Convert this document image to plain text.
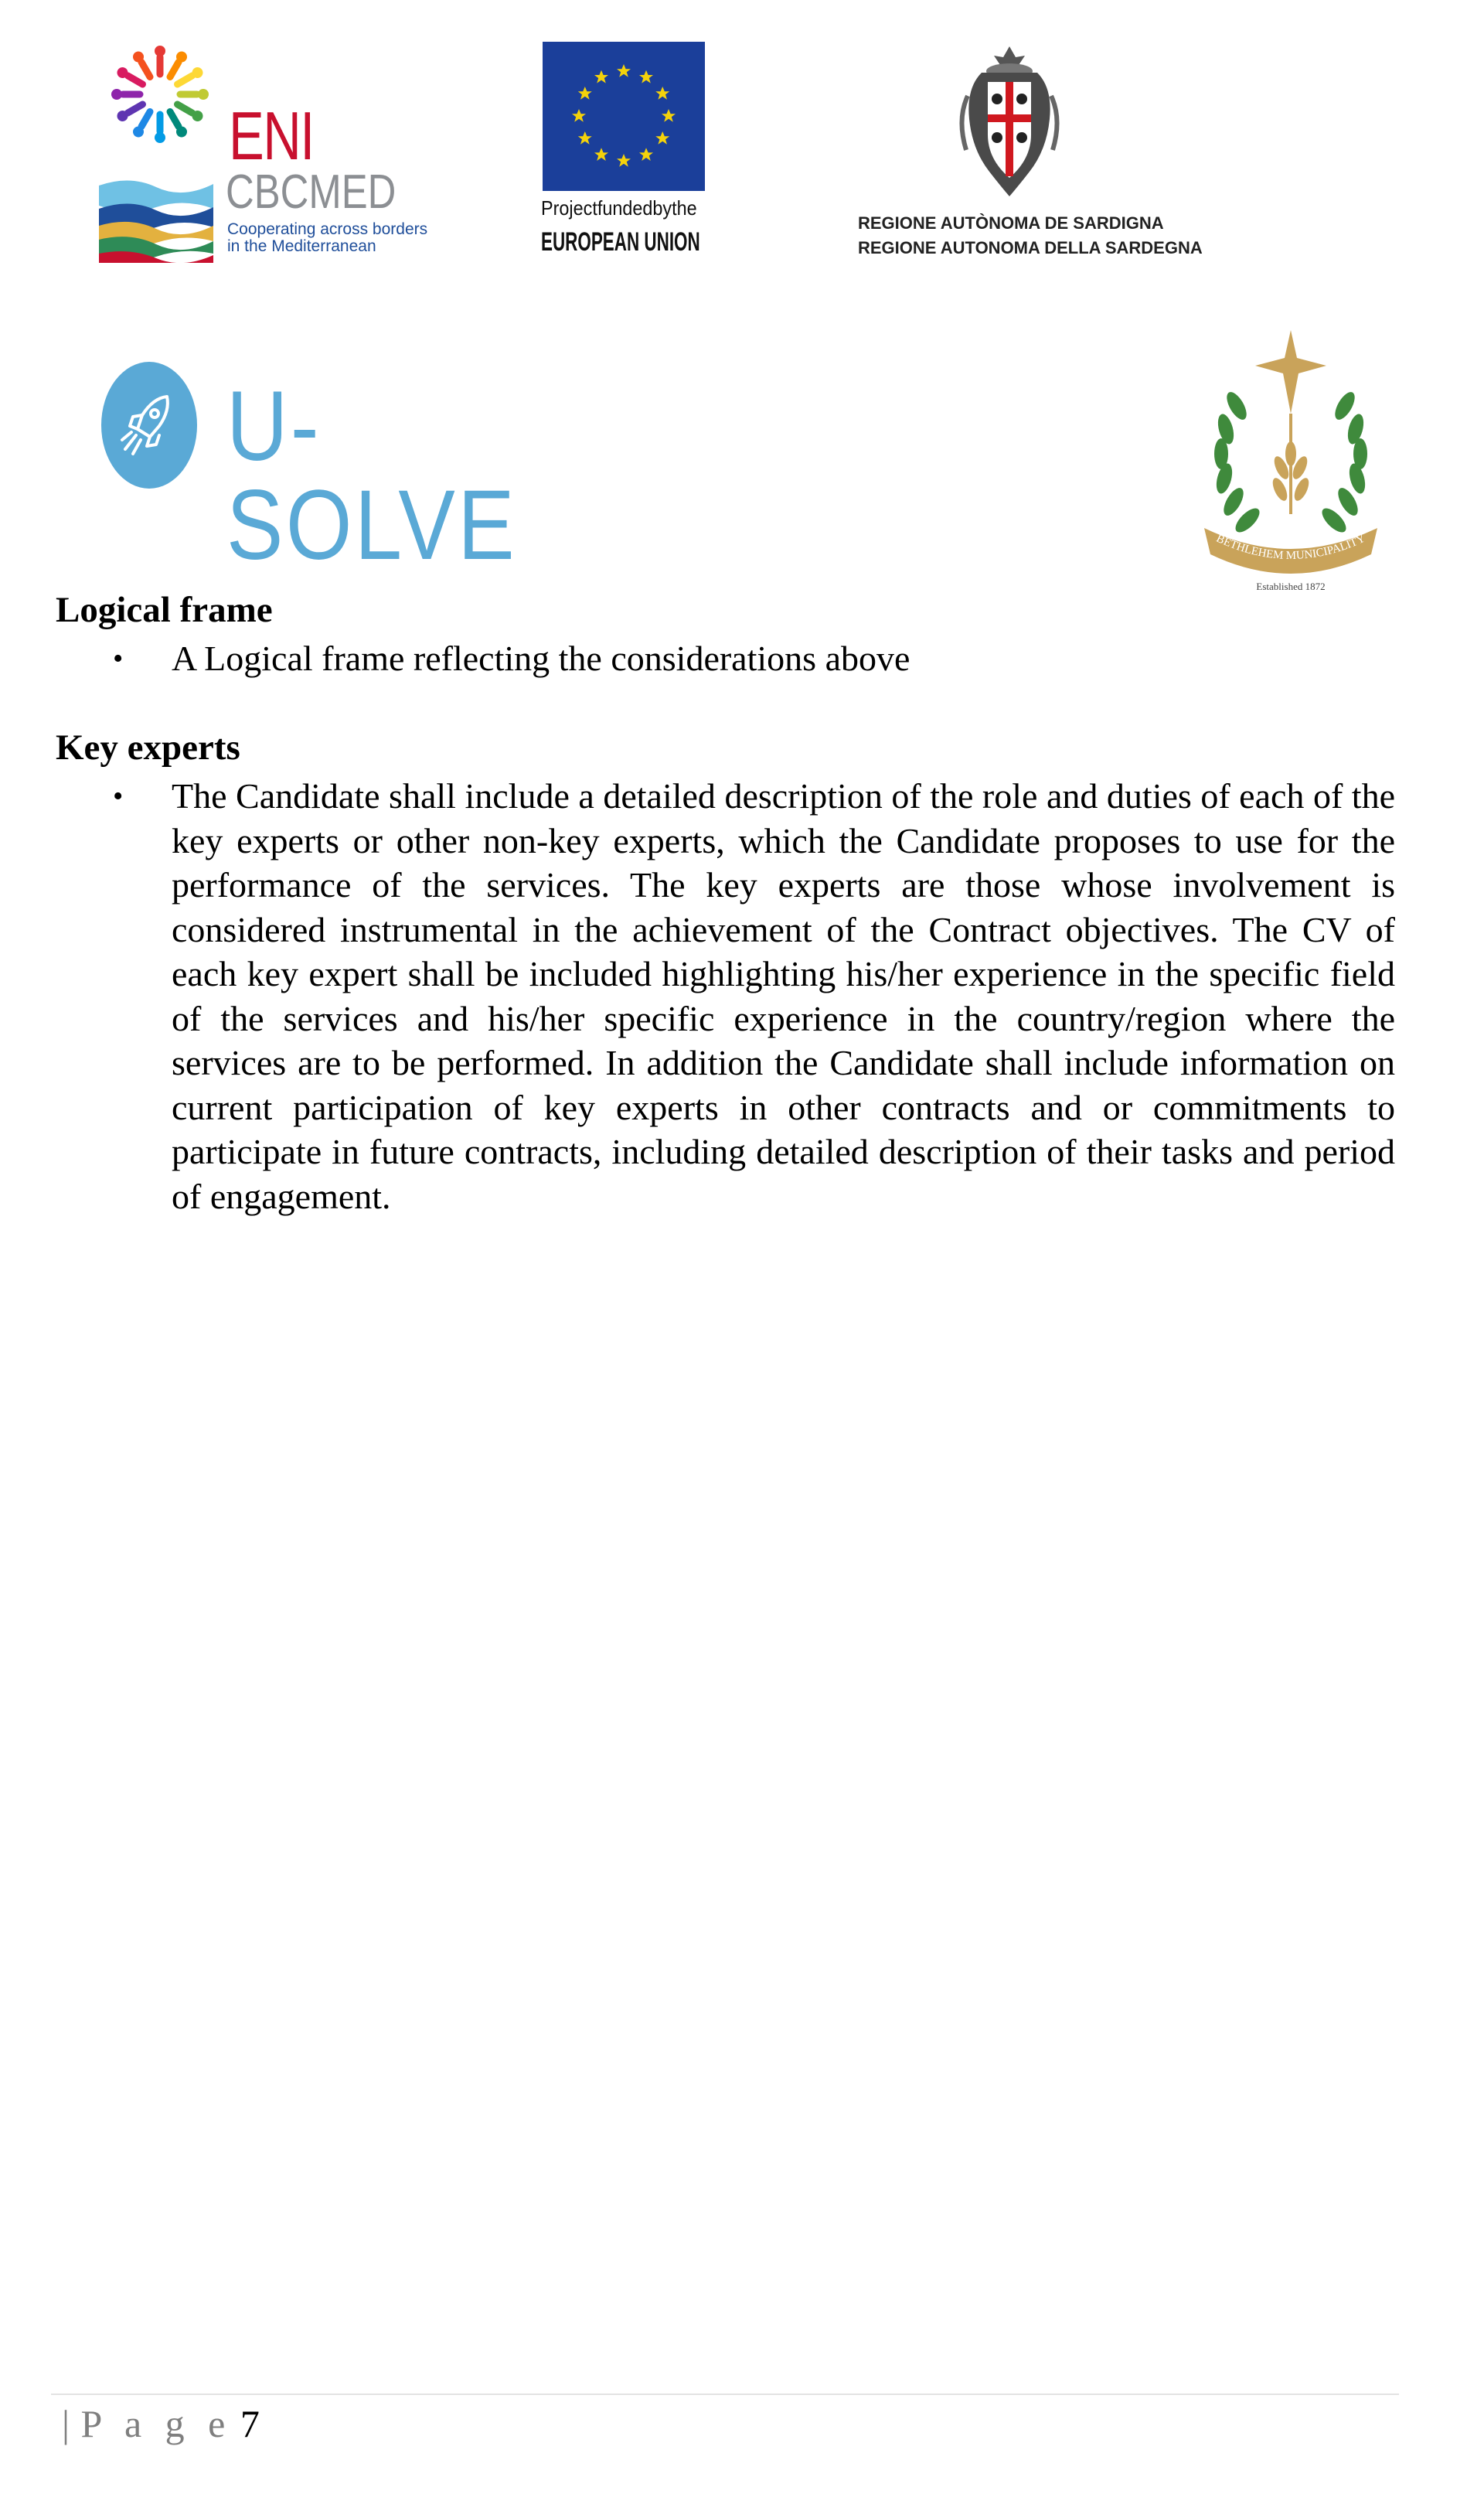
ENI
CBCMED
Cooperating across borders
in the Mediterranean
Project funded by the
EUROPEAN UNION
REGIONE AUTÒNOMA DE SARDIGNA
REGIONE AUTONOMA DELLA SARDEGNA
U-SOLVE	BETHLEHEM MUNICIPALITY
Established 1872
Logical frame
• A Logical frame reflecting the considerations above
Key experts
• The Candidate shall include a detailed description of the role and duties of each of the key experts or other non-key experts, which the Candidate proposes to use for the performance of the services. The key experts are those whose involvement is considered instrumental in the achievement of the Contract objectives. The CV of each key expert shall be included highlighting his/her experience in the specific field of the services and his/her specific experience in the country/region where the services are to be performed. In addition the Candidate shall include information on current participation of key experts in other contracts and or commitments to participate in future contracts, including detailed description of their tasks and period of engagement.
| P a g e 7
